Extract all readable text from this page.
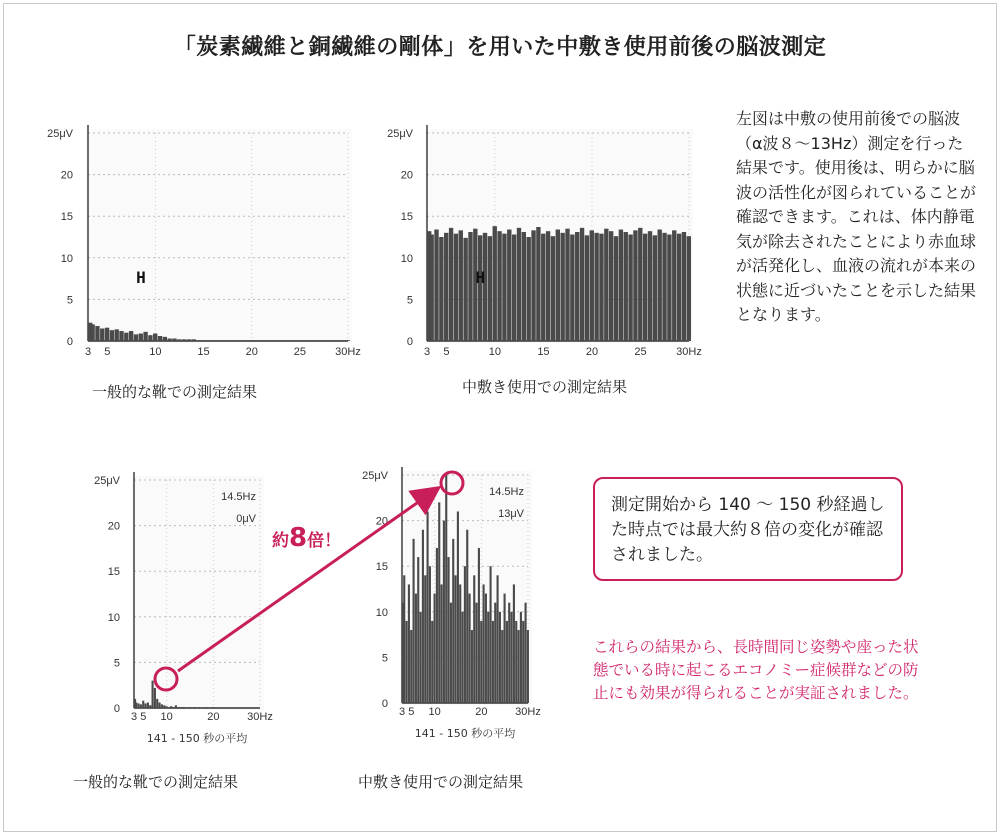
「炭素繊維と銅繊維の剛体」を用いた中敷き使用前後の脳波測定
0
5
10
15
20
25μV
3 5	10	15	20	25	30Hz
H
一般的な靴での測定結果
0
5
10
15
20
25μV
3 5	10	15	20	25	30Hz
H
中敷き使用での測定結果
左図は中敷の使用前後での脳波（α波８〜13Hz）測定を行った結果です。使用後は、明らかに脳波の活性化が図られていることが確認できます。これは、体内静電気が除去されたことにより赤血球が活発化し、血液の流れが本来の状態に近づいたことを示した結果となります。
0
5
10
15
20
25μV
3 5 10	20	30Hz
14.5Hz
0μV
141 - 150 秒の平均
一般的な靴での測定結果
0
5
10
15
20
25μV
3 5 10	20	30Hz
14.5Hz
13μV
141 - 150 秒の平均
中敷き使用での測定結果
約8倍！
測定開始から 140 〜 150 秒経過した時点では最大約８倍の変化が確認されました。
これらの結果から、長時間同じ姿勢や座った状態でいる時に起こるエコノミー症候群などの防止にも効果が得られることが実証されました。
